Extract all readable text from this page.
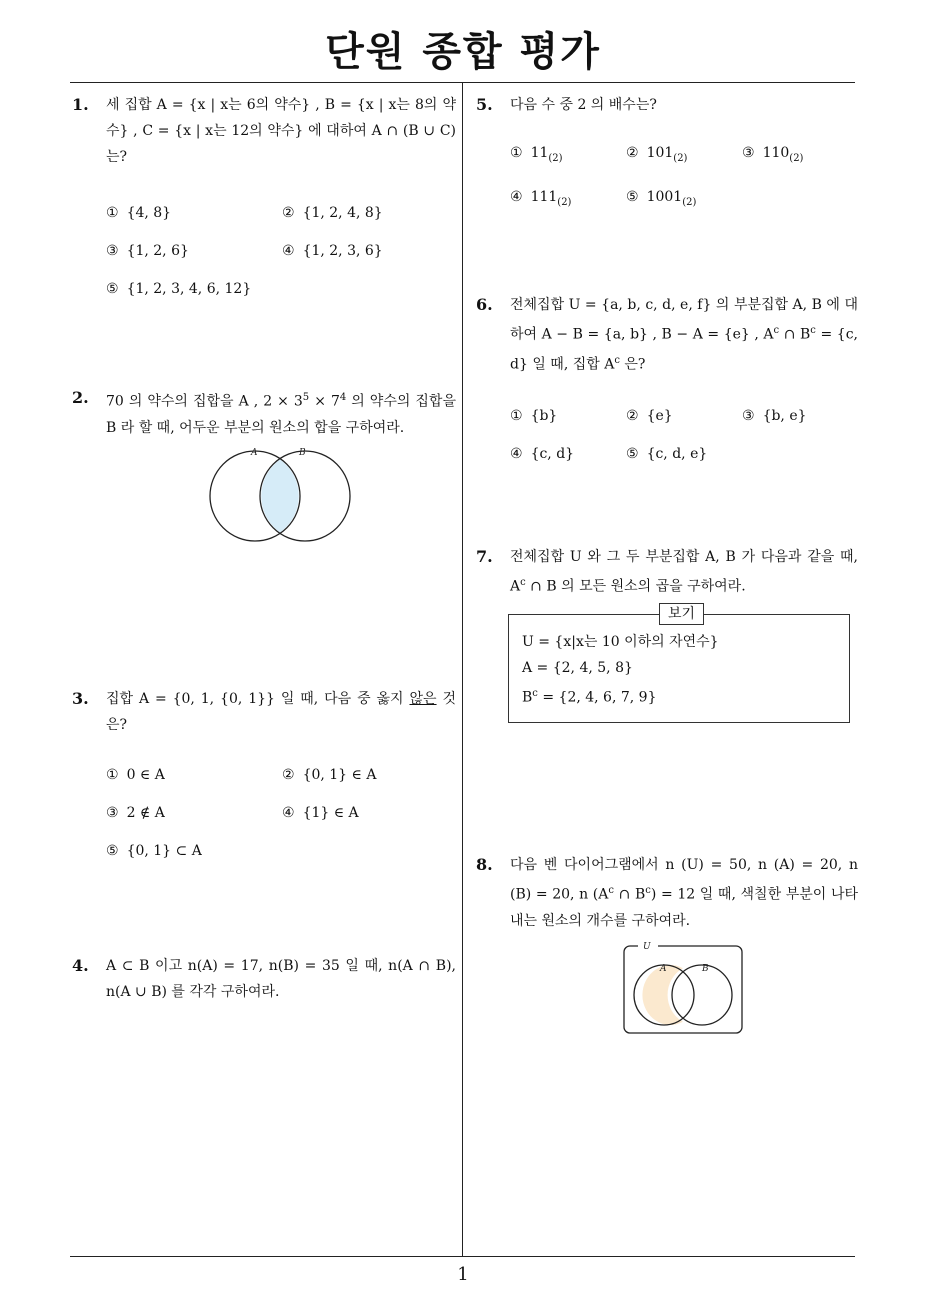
단원 종합 평가
1
1. 세 집합 A = {x | x는 6의 약수} , B = {x | x는 8의 약수} , C = {x | x는 12의 약수} 에 대하여 A ∩ (B ∪ C) 는?
① {4, 8}	② {1, 2, 4, 8}
③ {1, 2, 6}	④ {1, 2, 3, 6}
⑤ {1, 2, 3, 4, 6, 12}
2. 70 의 약수의 집합을 A , $2 \times 3^5 \times 7^4$ 의 약수의 집합을 B 라 할 때, 어두운 부분의 원소의 합을 구하여라.
A	B
3. 집합 A = {0, 1, {0, 1}} 일 때, 다음 중 옳지 않은 것은?
① 0 ∈ A	② {0, 1} ∈ A
③ 2 ∉ A	④ {1} ∈ A
⑤ {0, 1} ⊂ A
4. A ⊂ B 이고 n(A) = 17, n(B) = 35 일 때, n(A ∩ B), n(A ∪ B) 를 각각 구하여라.
5. 다음 수 중 2 의 배수는?
① $11_{(2)}$	② $101_{(2)}$	③ $110_{(2)}$
④ $111_{(2)}$	⑤ $1001_{(2)}$
6. 전체집합 U = {a, b, c, d, e, f} 의 부분집합 A, B 에 대하여 A − B = {a, b} , B − A = {e} , $A^c$ ∩ $B^c = \{c$, d} 일 때, 집합 $A^c$ 은?
① {b}	② {e}	③ {b, e}
④ {c, d}	⑤ {c, d, e}
7. 전체집합 U 와 그 두 부분집합 A, B 가 다음과 같을 때, $A^c$ ∩ B 의 모든 원소의 곱을 구하여라.
보기
U = {x|x는 10 이하의 자연수}
A = {2, 4, 5, 8}
$B^c = \{2$, 4, 6, 7, 9}
8. 다음 벤 다이어그램에서 n (U) = 50, n (A) = 20, n (B) = 20, n ($A^c$ ∩ $B^c) = 12$ 일 때, 색칠한 부분이 나타내는 원소의 개수를 구하여라.
U
A	B
